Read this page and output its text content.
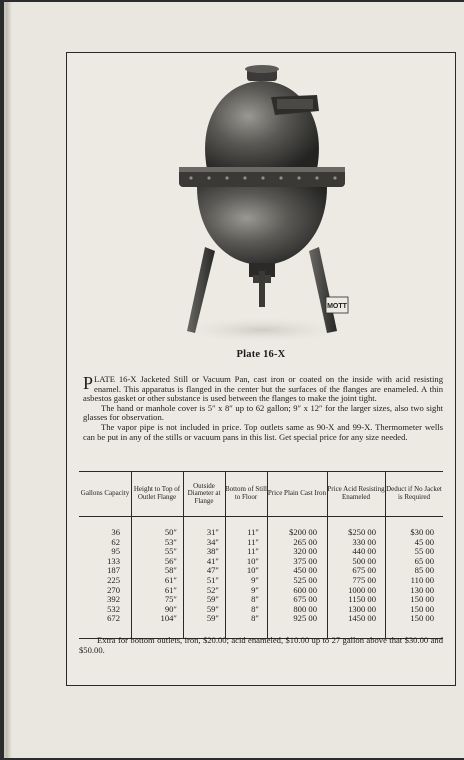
MOTT
Plate 16-X

PLATE 16-X Jacketed Still or Vacuum Pan, cast iron or coated on the inside with acid resisting enamel. This apparatus is flanged in the center but the surfaces of the flanges are enameled. A thin asbestos gasket or other substance is used between the flanges to make the joint tight.

The hand or manhole cover is 5″ x 8″ up to 62 gallon; 9″ x 12″ for the larger sizes, also two sight glasses for observation.

The vapor pipe is not included in price. Top outlets same as 90-X and 99-X. Thermometer wells can be put in any of the stills or vacuum pans in this list. Get special price for any size needed.

Gallons Capacity
36
62
95
133
187
225
270
392
532
672
Height to Top of Outlet Flange
50″
53″
55″
56″
58″
61″
61″
75″
90″
104″
Outside Diameter at Flange
31″
34″
38″
41″
47″
51″
52″
59″
59″
59″
Bottom of Still to Floor
11″
11″
11″
10″
10″
9″
9″
8″
8″
8″
Price Plain Cast Iron
$200 00
265 00
320 00
375 00
450 00
525 00
600 00
675 00
800 00
925 00
Price Acid Resisting Enameled
$250 00
330 00
440 00
500 00
675 00
775 00
1000 00
1150 00
1300 00
1450 00
Deduct if No Jacket is Required
$30 00
45 00
55 00
65 00
85 00
110 00
130 00
150 00
150 00
150 00
Extra for bottom outlets, iron, $20.00; acid enameled, $10.00 up to 27 gallon above that $30.00 and $50.00.
